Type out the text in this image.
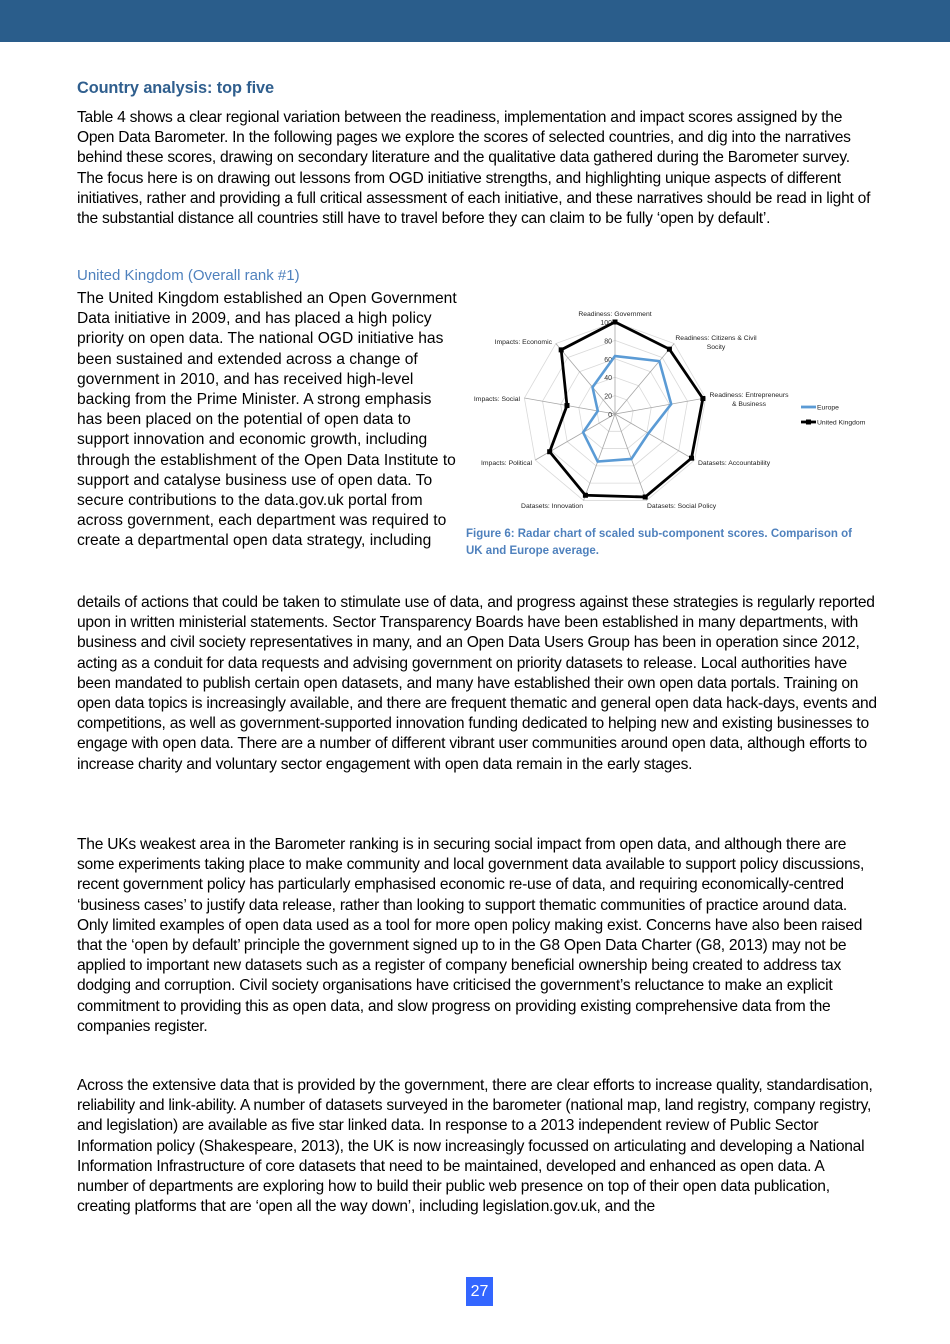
Country analysis: top five

Table 4 shows a clear regional variation between the readiness, implementation and impact scores assigned by the Open Data Barometer. In the following pages we explore the scores of selected countries, and dig into the narratives behind these scores, drawing on secondary literature and the qualitative data gathered during the Barometer survey. The focus here is on drawing out lessons from OGD initiative strengths, and highlighting unique aspects of different initiatives, rather and providing a full critical assessment of each initiative, and these narratives should be read in light of the substantial distance all countries still have to travel before they can claim to be fully ‘open by default’.

United Kingdom (Overall rank #1)

The United Kingdom established an Open Government Data initiative in 2009, and has placed a high policy priority on open data. The national OGD initiative has been sustained and extended across a change of government in 2010, and has received high-level backing from the Prime Minister. A strong emphasis has been placed on the potential of open data to support innovation and economic growth, including through the establishment of the Open Data Institute to support and catalyse business use of open data. To secure contributions to the data.gov.uk portal from across government, each department was required to create a departmental open data strategy, including

0
20
40
60
80
100
Readiness: Government
Readiness: Citizens & Civil Socity
Readiness: Entrepreneurs & Business
Datasets: Accountability
Datasets: Social Policy
Datasets: Innovation
Impacts: Political
Impacts: Social
Impacts: Economic
Europe
United Kingdom
Figure 6: Radar chart of scaled sub-component scores. Comparison of UK and Europe average.

details of actions that could be taken to stimulate use of data, and progress against these strategies is regularly reported upon in written ministerial statements. Sector Transparency Boards have been established in many departments, with business and civil society representatives in many, and an Open Data Users Group has been in operation since 2012, acting as a conduit for data requests and advising government on priority datasets to release. Local authorities have been mandated to publish certain open datasets, and many have established their own open data portals. Training on open data topics is increasingly available, and there are frequent thematic and general open data hack-days, events and competitions, as well as government-supported innovation funding dedicated to helping new and existing businesses to engage with open data. There are a number of different vibrant user communities around open data, although efforts to increase charity and voluntary sector engagement with open data remain in the early stages.

The UKs weakest area in the Barometer ranking is in securing social impact from open data, and although there are some experiments taking place to make community and local government data available to support policy discussions, recent government policy has particularly emphasised economic re-use of data, and requiring economically-centred ‘business cases’ to justify data release, rather than looking to support thematic communities of practice around data. Only limited examples of open data used as a tool for more open policy making exist. Concerns have also been raised that the ‘open by default’ principle the government signed up to in the G8 Open Data Charter (G8, 2013) may not be applied to important new datasets such as a register of company beneficial ownership being created to address tax dodging and corruption. Civil society organisations have criticised the government’s reluctance to make an explicit commitment to providing this as open data, and slow progress on providing existing comprehensive data from the companies register.

Across the extensive data that is provided by the government, there are clear efforts to increase quality, standardisation, reliability and link-ability. A number of datasets surveyed in the barometer (national map, land registry, company registry, and legislation) are available as five star linked data. In response to a 2013 independent review of Public Sector Information policy (Shakespeare, 2013), the UK is now increasingly focussed on articulating and developing a National Information Infrastructure of core datasets that need to be maintained, developed and enhanced as open data. A number of departments are exploring how to build their public web presence on top of their open data publication, creating platforms that are ‘open all the way down’, including legislation.gov.uk, and the

27
